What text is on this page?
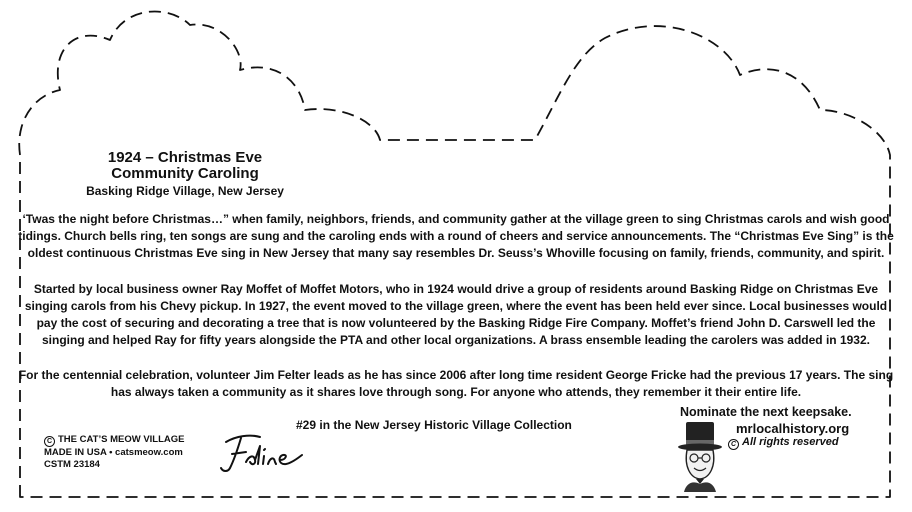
1924 – Christmas Eve
Community Caroling
Basking Ridge Village, New Jersey
‘Twas the night before Christmas…” when family, neighbors, friends, and community gather at the village green to sing Christmas carols and wish good tidings. Church bells ring, ten songs are sung and the caroling ends with a round of cheers and service announcements. The “Christmas Eve Sing” is the oldest continuous Christmas Eve sing in New Jersey that many say resembles Dr. Seuss’s Whoville focusing on family, friends, community, and spirit.
Started by local business owner Ray Moffet of Moffet Motors, who in 1924 would drive a group of residents around Basking Ridge on Christmas Eve singing carols from his Chevy pickup. In 1927, the event moved to the village green, where the event has been held ever since. Local businesses would pay the cost of securing and decorating a tree that is now volunteered by the Basking Ridge Fire Company. Moffet’s friend John D. Carswell led the singing and helped Ray for fifty years alongside the PTA and other local organizations. A brass ensemble leading the carolers was added in 1932.
For the centennial celebration, volunteer Jim Felter leads as he has since 2006 after long time resident George Fricke had the previous 17 years. The sing has always taken a community as it shares love through song. For anyone who attends, they remember it their entire life.
#29 in the New Jersey Historic Village Collection
C THE CAT’S MEOW VILLAGE
MADE IN USA • catsmeow.com
CSTM 23184
Nominate the next keepsake.
mrlocalhistory.org
C All rights reserved
